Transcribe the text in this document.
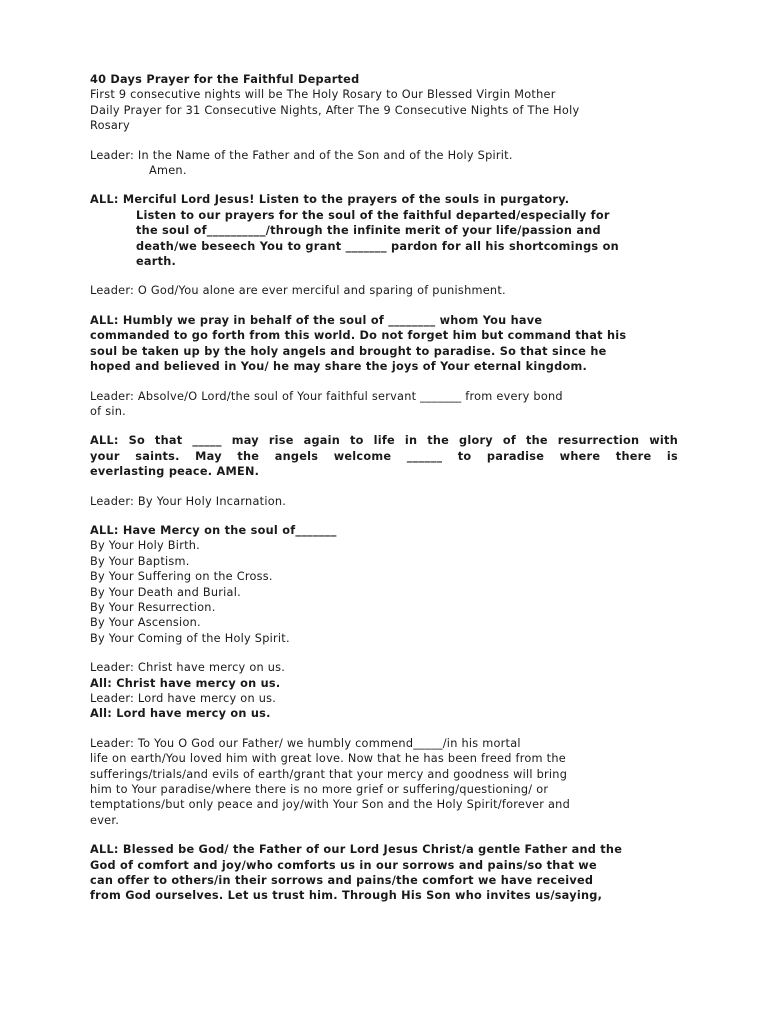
40 Days Prayer for the Faithful Departed
First 9 consecutive nights will be The Holy Rosary to Our Blessed Virgin Mother
Daily Prayer for 31 Consecutive Nights, After The 9 Consecutive Nights of The Holy
Rosary
Leader: In the Name of the Father and of the Son and of the Holy Spirit.
Amen.
ALL: Merciful Lord Jesus! Listen to the prayers of the souls in purgatory.
Listen to our prayers for the soul of the faithful departed/especially for
the soul of__________/through the infinite merit of your life/passion and
death/we beseech You to grant _______ pardon for all his shortcomings on
earth.
Leader: O God/You alone are ever merciful and sparing of punishment.
ALL: Humbly we pray in behalf of the soul of ________ whom You have
commanded to go forth from this world. Do not forget him but command that his
soul be taken up by the holy angels and brought to paradise. So that since he
hoped and believed in You/ he may share the joys of Your eternal kingdom.
Leader: Absolve/O Lord/the soul of Your faithful servant _______ from every bond
of sin.
ALL: So that _____ may rise again to life in the glory of the resurrection with
your saints. May the angels welcome ______ to paradise where there is
everlasting peace. AMEN.
Leader: By Your Holy Incarnation.
ALL: Have Mercy on the soul of_______
By Your Holy Birth.
By Your Baptism.
By Your Suffering on the Cross.
By Your Death and Burial.
By Your Resurrection.
By Your Ascension.
By Your Coming of the Holy Spirit.
Leader: Christ have mercy on us.
All: Christ have mercy on us.
Leader: Lord have mercy on us.
All: Lord have mercy on us.
Leader: To You O God our Father/ we humbly commend_____/in his mortal
life on earth/You loved him with great love. Now that he has been freed from the
sufferings/trials/and evils of earth/grant that your mercy and goodness will bring
him to Your paradise/where there is no more grief or suffering/questioning/ or
temptations/but only peace and joy/with Your Son and the Holy Spirit/forever and
ever.
ALL: Blessed be God/ the Father of our Lord Jesus Christ/a gentle Father and the
God of comfort and joy/who comforts us in our sorrows and pains/so that we
can offer to others/in their sorrows and pains/the comfort we have received
from God ourselves. Let us trust him. Through His Son who invites us/saying,
